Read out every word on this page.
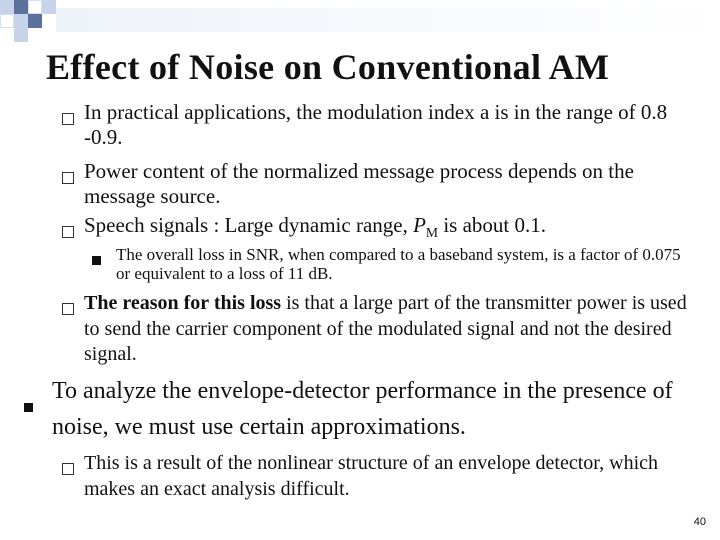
Effect of Noise on Conventional AM
In practical applications, the modulation index a is in the range of 0.8 -0.9.
Power content of the normalized message process depends on the message source.
Speech signals : Large dynamic range, $P_M$ is about 0.1.
The overall loss in SNR, when compared to a baseband system, is a factor of 0.075 or equivalent to a loss of 11 dB.
The reason for this loss is that a large part of the transmitter power is used to send the carrier component of the modulated signal and not the desired signal.
To analyze the envelope-detector performance in the presence of noise, we must use certain approximations.
This is a result of the nonlinear structure of an envelope detector, which makes an exact analysis difficult.
40
